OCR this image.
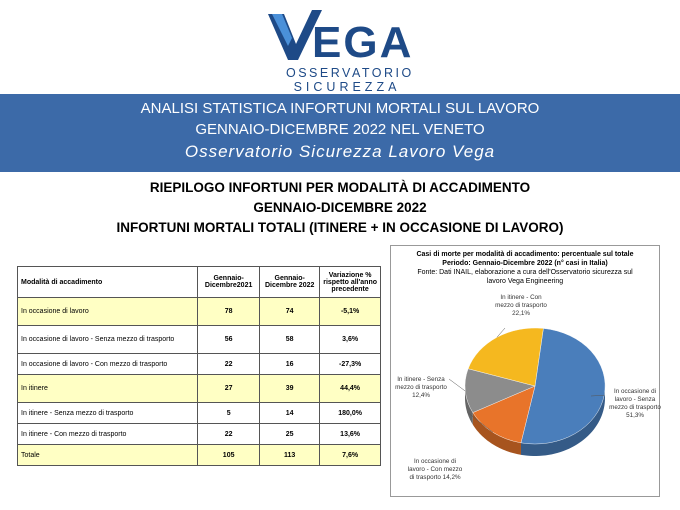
EGA
OSSERVATORIO
SICUREZZA
ANALISI STATISTICA INFORTUNI MORTALI SUL LAVORO
GENNAIO-DICEMBRE 2022 NEL VENETO
Osservatorio Sicurezza Lavoro Vega
RIEPILOGO INFORTUNI PER MODALITÀ DI ACCADIMENTO
GENNAIO-DICEMBRE 2022
INFORTUNI MORTALI TOTALI (ITINERE + IN OCCASIONE DI LAVORO)
Modalità di accadimento	Gennaio-Dicembre2021	Gennaio-Dicembre 2022	Variazione % rispetto all'anno precedente
In occasione di lavoro	78	74	-5,1%
In occasione di lavoro - Senza mezzo di trasporto	56	58	3,6%
In occasione di lavoro - Con mezzo di trasporto	22	16	-27,3%
In itinere	27	39	44,4%
In itinere - Senza mezzo di trasporto	5	14	180,0%
In itinere - Con mezzo di trasporto	22	25	13,6%
Totale	105	113	7,6%
Casi di morte per modalità di accadimento: percentuale sul totale
Periodo: Gennaio-Dicembre 2022 (n° casi in Italia)
Fonte: Dati INAIL, elaborazione a cura dell'Osservatorio sicurezza sul
lavoro Vega Engineering
In occasione di
lavoro - Senza
mezzo di trasporto
51,3%
In occasione di
lavoro - Con mezzo
di trasporto 14,2%
In itinere - Senza
mezzo di trasporto
12,4%
In itinere - Con
mezzo di trasporto
22,1%
